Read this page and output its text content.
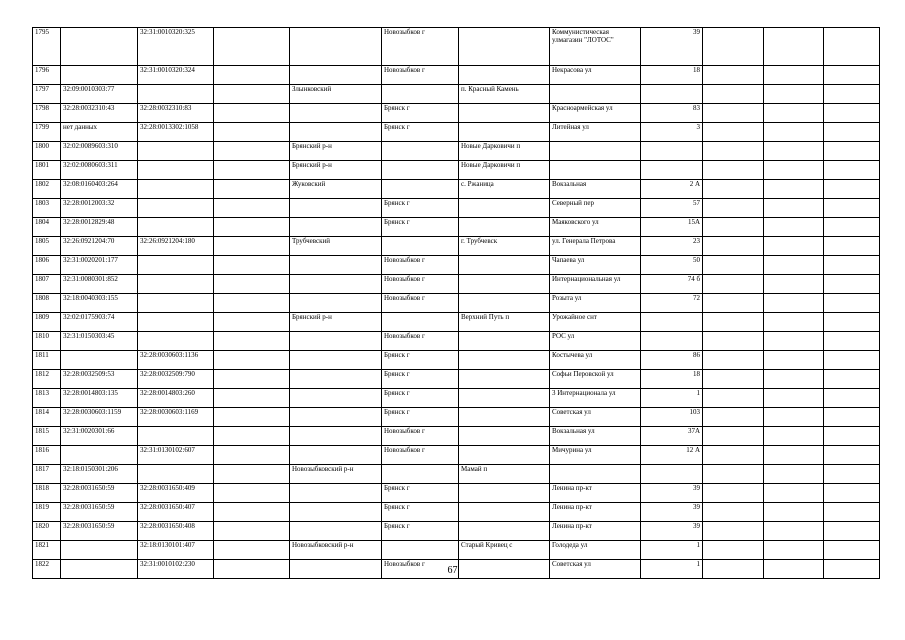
1795		32:31:0010320:325			Новозыбков г		Коммунистическая улмагазин "ЛОТОС"	39			
1796		32:31:0010320:324			Новозыбков г		Некрасова ул	18			
1797	32:09:0010303:77			Злынковский		п. Красный Камень					
1798	32:28:0032310:43	32:28:0032310:83			Брянск г		Красноармейская ул	83			
1799	нет данных	32:28:0013302:1058			Брянск г		Литейная ул	3			
1800	32:02:0089603:310			Брянский р-н		Новые Дарковичи п					
1801	32:02:0080603:311			Брянский р-н		Новые Дарковичи п					
1802	32:08:0160403:264			Жуковский		с. Ржаница	Вокзальная	2 А			
1803	32:28:0012003:32				Брянск г		Северный пер	57			
1804	32:28:0012829:48				Брянск г		Маяковского ул	15А			
1805	32:26:0921204:70	32:26:0921204:180		Трубчевский		г. Трубчевск	ул. Генерала Петрова	23			
1806	32:31:0020201:177				Новозыбков г		Чапаева ул	50			
1807	32:31:0080301:852				Новозыбков г		Интернациональная ул	74 б			
1808	32:18:0040303:155				Новозыбков г		Розыта ул	72			
1809	32:02:0175903:74			Брянский р-н		Верхний Путь п	Урожайное снт				
1810	32:31:0150303:45				Новозыбков г		РОС ул				
1811		32:28:0030603:1136			Брянск г		Костычева ул	86			
1812	32:28:0032509:53	32:28:0032509:790			Брянск г		Софьи Перовской ул	18			
1813	32:28:0014803:135	32:28:0014803:260			Брянск г		3 Интернационала ул	1			
1814	32:28:0030603:1159	32:28:0030603:1169			Брянск г		Советская ул	103			
1815	32:31:0020301:66				Новозыбков г		Вокзальная ул	37А			
1816		32:31:0130102:607			Новозыбков г		Мичурина ул	12 А			
1817	32:18:0150301:206			Новозыбковский р-н		Мамай п					
1818	32:28:0031650:59	32:28:0031650:409			Брянск г		Ленина пр-кт	39			
1819	32:28:0031650:59	32:28:0031650:407			Брянск г		Ленина пр-кт	39			
1820	32:28:0031650:59	32:28:0031650:408			Брянск г		Ленина пр-кт	39			
1821		32:18:0130101:407		Новозыбковский р-н		Старый Кривец с	Голодеда ул	1			
1822		32:31:0010102:230			Новозыбков г		Советская ул	1			
67
